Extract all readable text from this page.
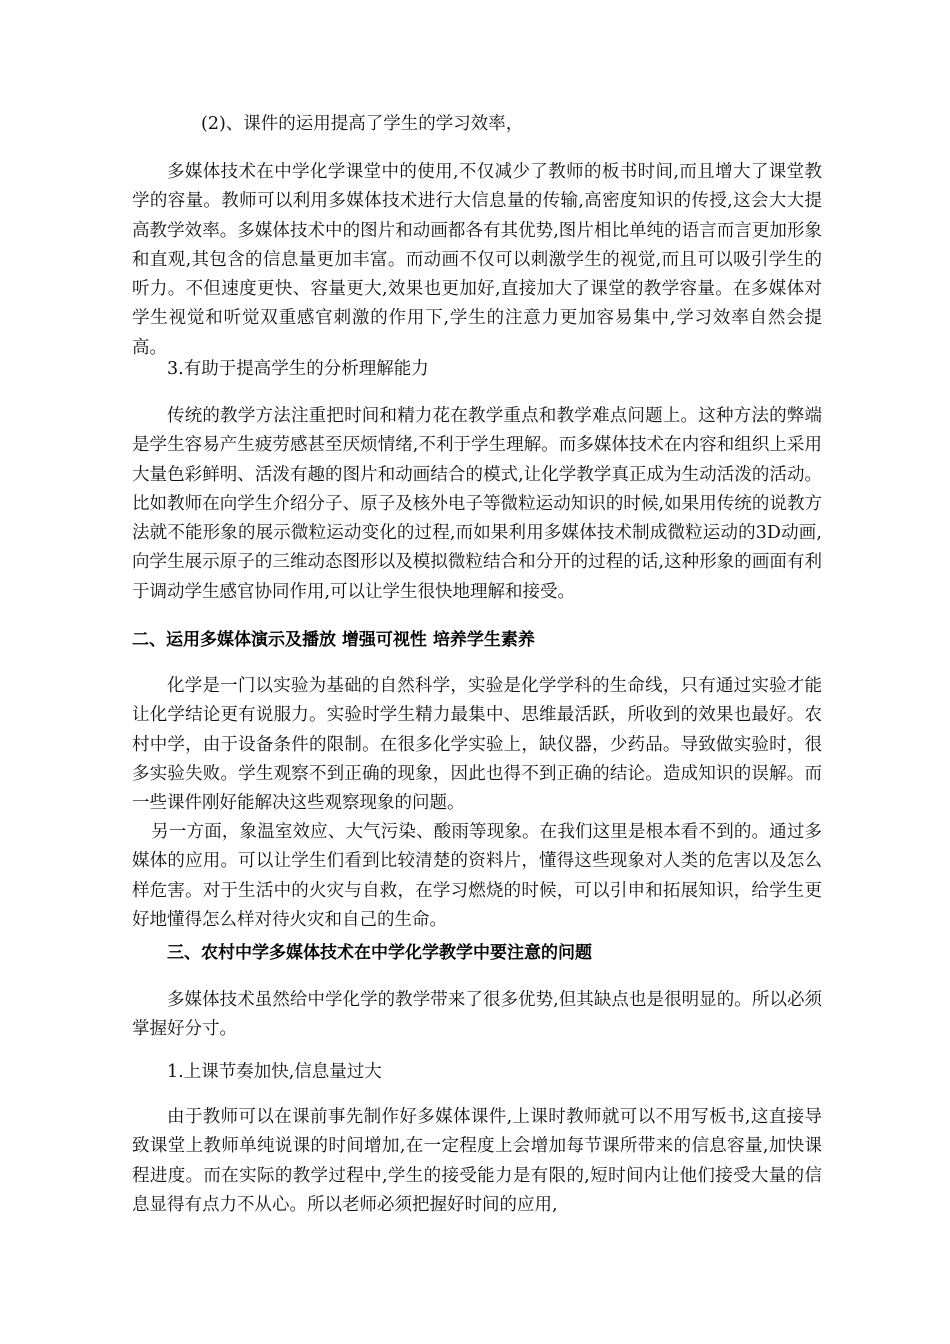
(2)、课件的运用提高了学生的学习效率，

多媒体技术在中学化学课堂中的使用,不仅减少了教师的板书时间,而且增大了课堂教学的容量。教师可以利用多媒体技术进行大信息量的传输,高密度知识的传授,这会大大提高教学效率。多媒体技术中的图片和动画都各有其优势,图片相比单纯的语言而言更加形象和直观,其包含的信息量更加丰富。而动画不仅可以刺激学生的视觉,而且可以吸引学生的听力。不但速度更快、容量更大,效果也更加好,直接加大了课堂的教学容量。在多媒体对学生视觉和听觉双重感官刺激的作用下,学生的注意力更加容易集中,学习效率自然会提高。

3.有助于提高学生的分析理解能力

传统的教学方法注重把时间和精力花在教学重点和教学难点问题上。这种方法的弊端是学生容易产生疲劳感甚至厌烦情绪,不利于学生理解。而多媒体技术在内容和组织上采用大量色彩鲜明、活泼有趣的图片和动画结合的模式,让化学教学真正成为生动活泼的活动。比如教师在向学生介绍分子、原子及核外电子等微粒运动知识的时候,如果用传统的说教方法就不能形象的展示微粒运动变化的过程,而如果利用多媒体技术制成微粒运动的3D动画,向学生展示原子的三维动态图形以及模拟微粒结合和分开的过程的话,这种形象的画面有利于调动学生感官协同作用,可以让学生很快地理解和接受。

二、运用多媒体演示及播放 增强可视性 培养学生素养

化学是一门以实验为基础的自然科学，实验是化学学科的生命线，只有通过实验才能让化学结论更有说服力。实验时学生精力最集中、思维最活跃，所收到的效果也最好。农村中学，由于设备条件的限制。在很多化学实验上，缺仪器，少药品。导致做实验时，很多实验失败。学生观察不到正确的现象，因此也得不到正确的结论。造成知识的误解。而一些课件刚好能解决这些观察现象的问题。

另一方面，象温室效应、大气污染、酸雨等现象。在我们这里是根本看不到的。通过多媒体的应用。可以让学生们看到比较清楚的资料片，懂得这些现象对人类的危害以及怎么样危害。对于生活中的火灾与自救，在学习燃烧的时候，可以引申和拓展知识，给学生更好地懂得怎么样对待火灾和自己的生命。

三、农村中学多媒体技术在中学化学教学中要注意的问题

多媒体技术虽然给中学化学的教学带来了很多优势,但其缺点也是很明显的。所以必须掌握好分寸。

1.上课节奏加快,信息量过大

由于教师可以在课前事先制作好多媒体课件,上课时教师就可以不用写板书,这直接导致课堂上教师单纯说课的时间增加,在一定程度上会增加每节课所带来的信息容量,加快课程进度。而在实际的教学过程中,学生的接受能力是有限的,短时间内让他们接受大量的信息显得有点力不从心。所以老师必须把握好时间的应用,
